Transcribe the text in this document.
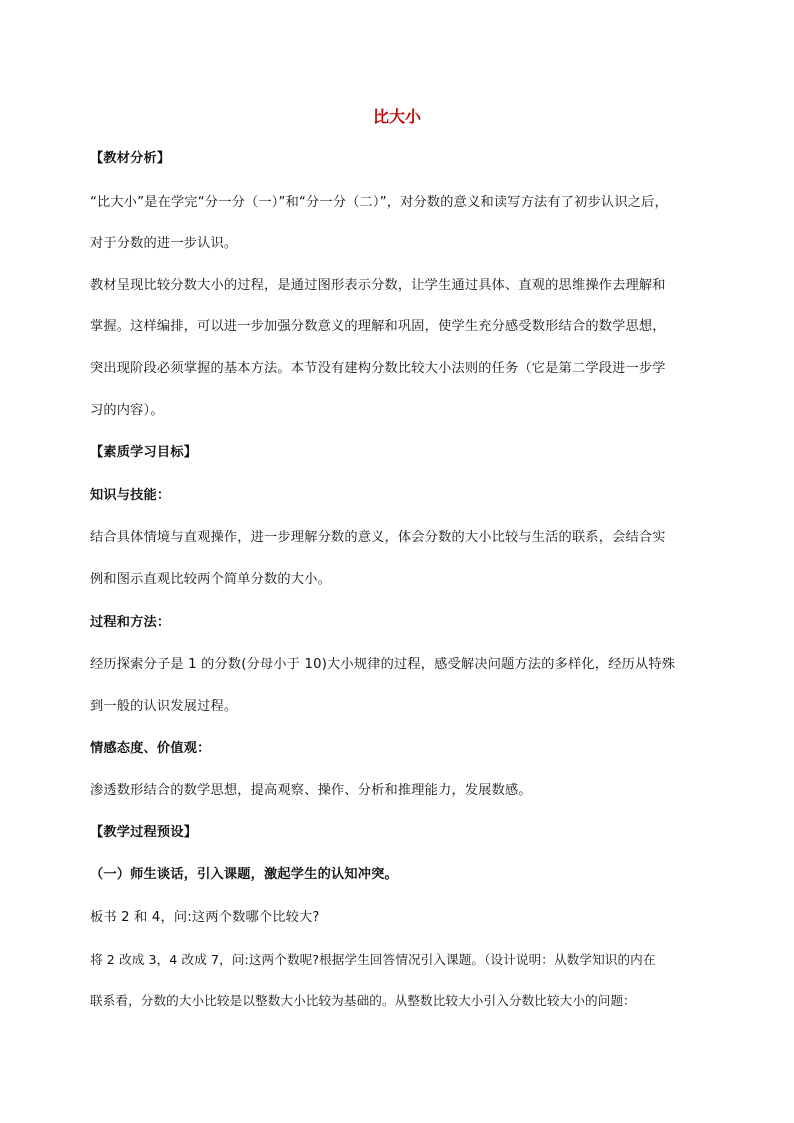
比大小
【教材分析】
“比大小”是在学完“分一分（一）”和“分一分（二）”，对分数的意义和读写方法有了初步认识之后，
对于分数的进一步认识。
教材呈现比较分数大小的过程，是通过图形表示分数，让学生通过具体、直观的思维操作去理解和
掌握。这样编排，可以进一步加强分数意义的理解和巩固，使学生充分感受数形结合的数学思想，
突出现阶段必须掌握的基本方法。本节没有建构分数比较大小法则的任务（它是第二学段进一步学
习的内容）。
【素质学习目标】
知识与技能：
结合具体情境与直观操作，进一步理解分数的意义，体会分数的大小比较与生活的联系，会结合实
例和图示直观比较两个简单分数的大小。
过程和方法：
经历探索分子是 1 的分数(分母小于 10)大小规律的过程，感受解决问题方法的多样化，经历从特殊
到一般的认识发展过程。
情感态度、价值观：
渗透数形结合的数学思想，提高观察、操作、分析和推理能力，发展数感。
【教学过程预设】
（一）师生谈话，引入课题，激起学生的认知冲突。
板书 2 和 4，问:这两个数哪个比较大?
将 2 改成 3，4 改成 7，问:这两个数呢?根据学生回答情况引入课题。（设计说明：从数学知识的内在
联系看，分数的大小比较是以整数大小比较为基础的。从整数比较大小引入分数比较大小的问题：
